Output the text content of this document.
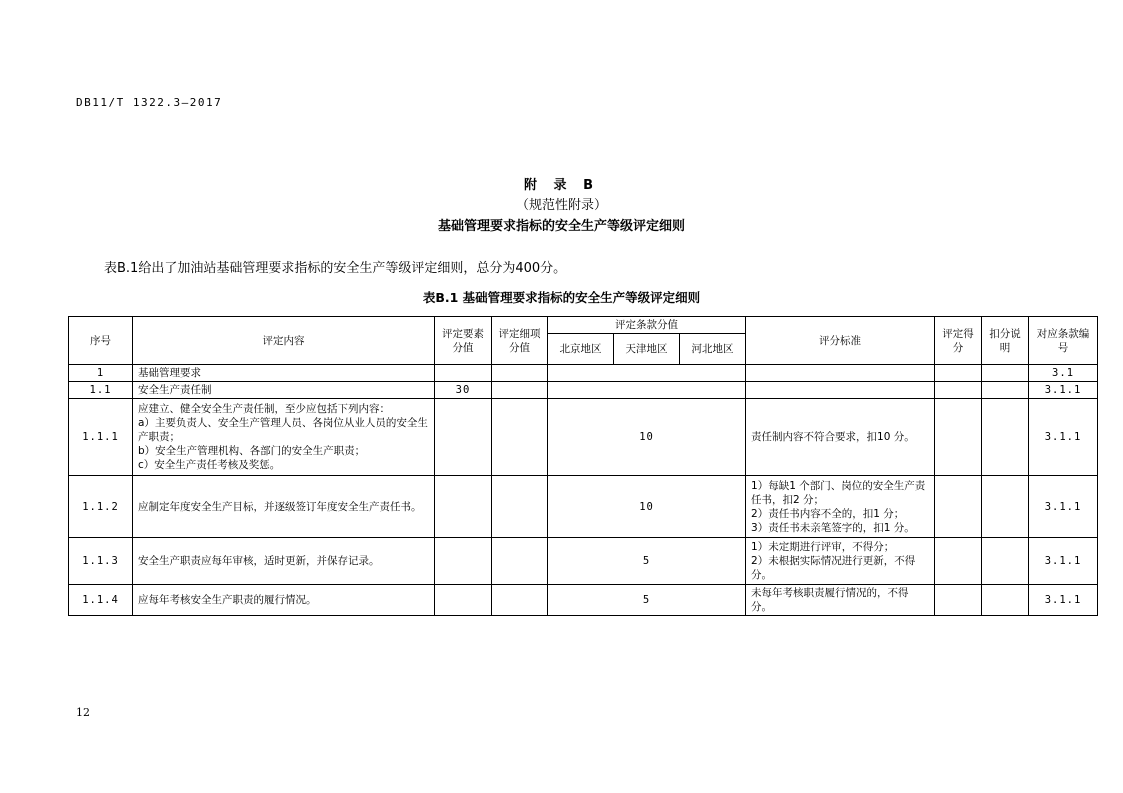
DB11/T 1322.3—2017
附 录 B
（规范性附录）
基础管理要求指标的安全生产等级评定细则
表B.1给出了加油站基础管理要求指标的安全生产等级评定细则，总分为400分。
表B.1 基础管理要求指标的安全生产等级评定细则
序号	评定内容	评定要素分值	评定细项分值	评定条款分值			评分标准	评定得分	扣分说明	对应条款编号
				北京地区	天津地区	河北地区				
1	基础管理要求									3.1
1.1	安全生产责任制	30								3.1.1
1.1.1	应建立、健全安全生产责任制，至少应包括下列内容：
a）主要负责人、安全生产管理人员、各岗位从业人员的安全生产职责；
b）安全生产管理机构、各部门的安全生产职责；
c）安全生产责任考核及奖惩。			10			责任制内容不符合要求，扣10 分。			3.1.1
1.1.2	应制定年度安全生产目标，并逐级签订年度安全生产责任书。			10			1）每缺1 个部门、岗位的安全生产责任书，扣2 分；
2）责任书内容不全的，扣1 分；
3）责任书未亲笔签字的，扣1 分。			3.1.1
1.1.3	安全生产职责应每年审核，适时更新，并保存记录。			5			1）未定期进行评审，不得分；
2）未根据实际情况进行更新，不得分。			3.1.1
1.1.4	应每年考核安全生产职责的履行情况。			5			未每年考核职责履行情况的，不得分。			3.1.1
12
